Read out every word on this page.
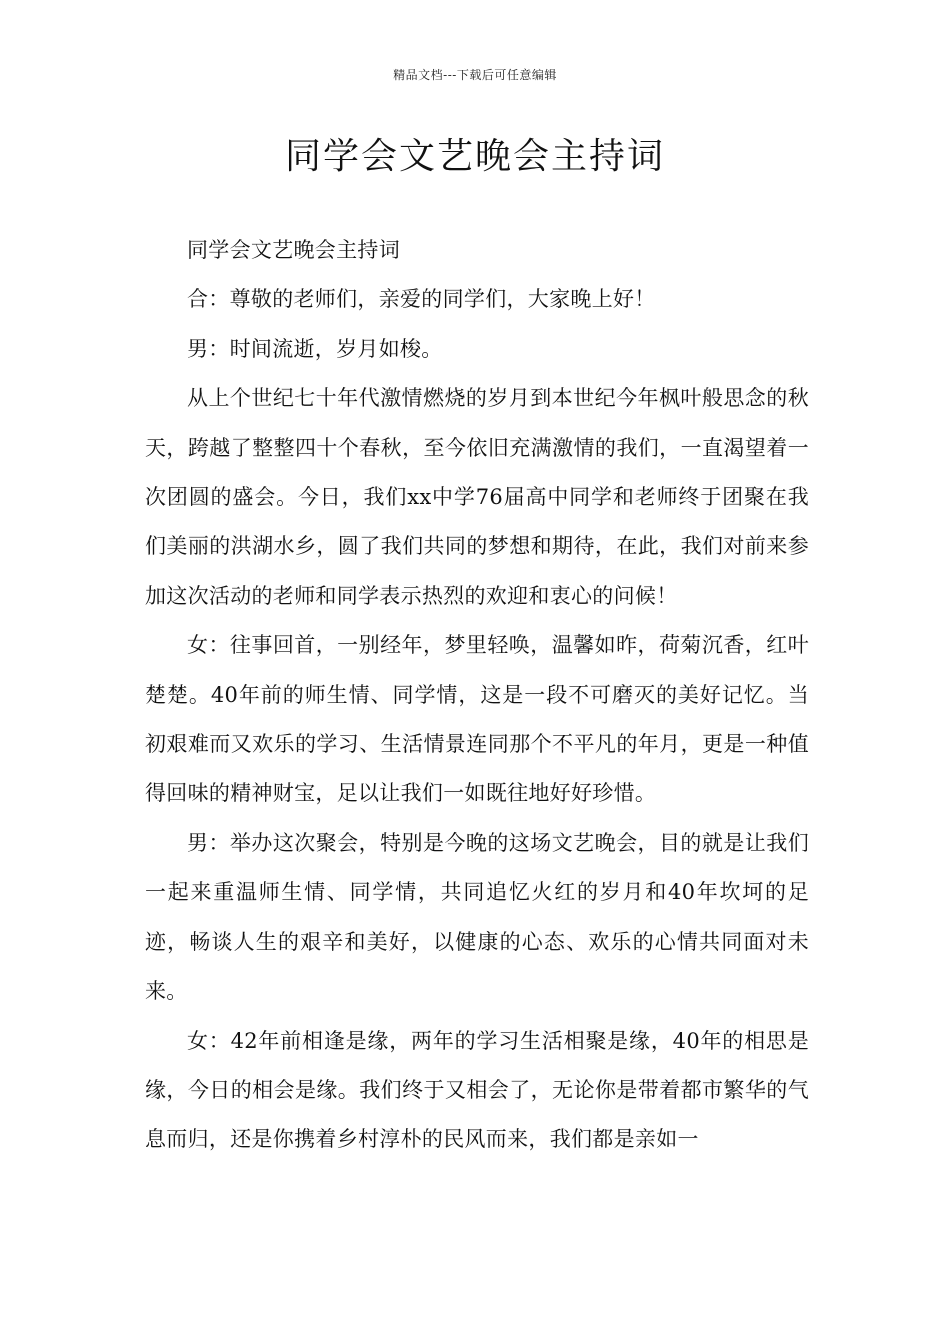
精品文档---下载后可任意编辑
同学会文艺晚会主持词

同学会文艺晚会主持词

合：尊敬的老师们，亲爱的同学们，大家晚上好！

男：时间流逝，岁月如梭。

从上个世纪七十年代激情燃烧的岁月到本世纪今年枫叶般思念的秋天，跨越了整整四十个春秋，至今依旧充满激情的我们，一直渴望着一次团圆的盛会。今日，我们xx中学76届高中同学和老师终于团聚在我们美丽的洪湖水乡，圆了我们共同的梦想和期待，在此，我们对前来参加这次活动的老师和同学表示热烈的欢迎和衷心的问候！

女：往事回首，一别经年，梦里轻唤，温馨如昨，荷菊沉香，红叶楚楚。40年前的师生情、同学情，这是一段不可磨灭的美好记忆。当初艰难而又欢乐的学习、生活情景连同那个不平凡的年月，更是一种值得回味的精神财宝，足以让我们一如既往地好好珍惜。

男：举办这次聚会，特别是今晚的这场文艺晚会，目的就是让我们一起来重温师生情、同学情，共同追忆火红的岁月和40年坎坷的足迹，畅谈人生的艰辛和美好，以健康的心态、欢乐的心情共同面对未来。

女：42年前相逢是缘，两年的学习生活相聚是缘，40年的相思是缘，今日的相会是缘。我们终于又相会了，无论你是带着都市繁华的气息而归，还是你携着乡村淳朴的民风而来，我们都是亲如一
